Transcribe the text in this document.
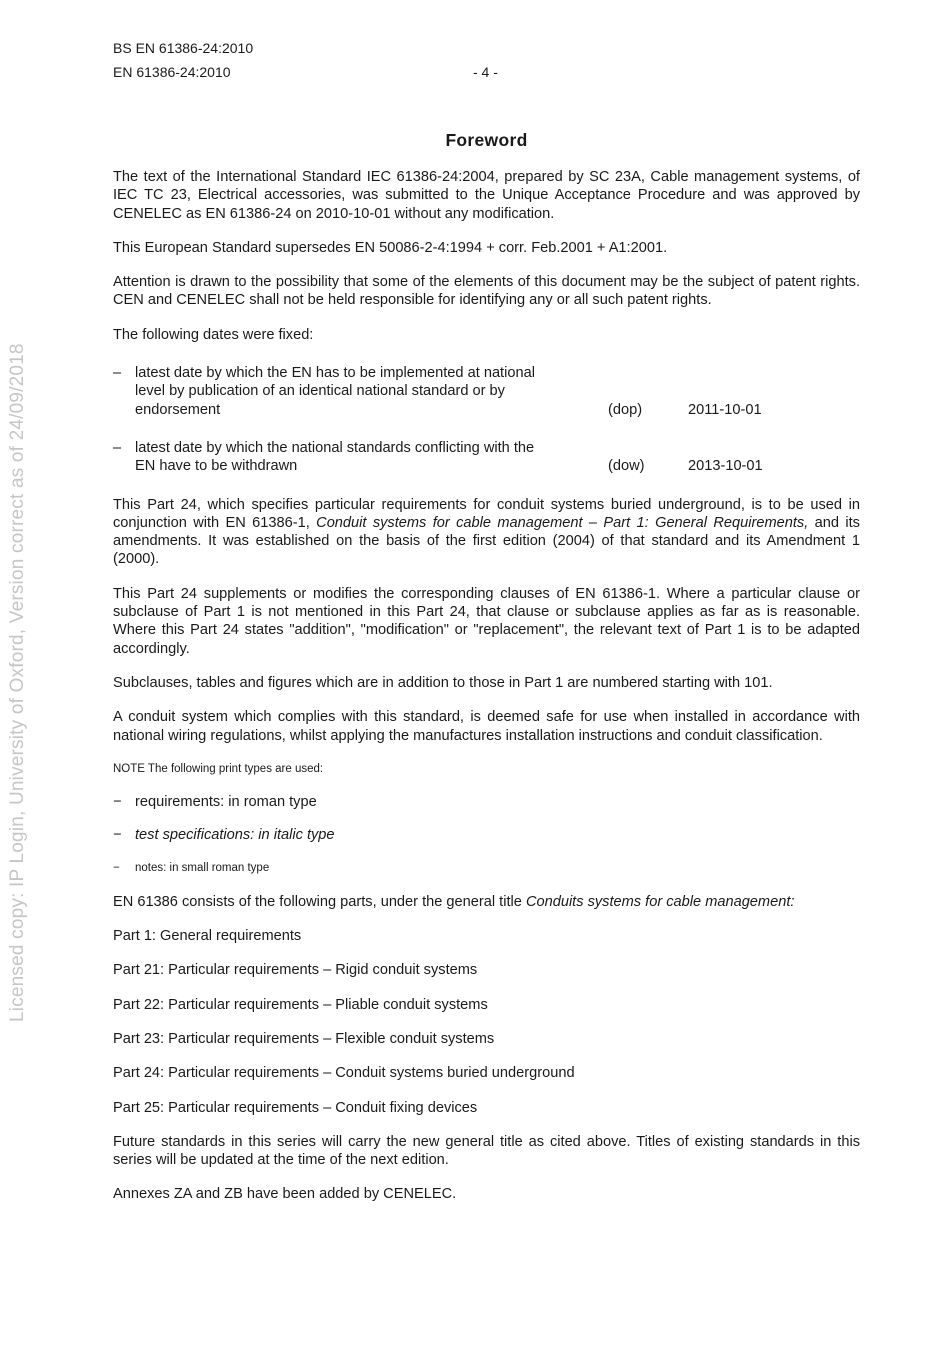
Licensed copy: IP Login, University of Oxford, Version correct as of 24/09/2018
BS EN 61386-24:2010
EN 61386-24:2010	- 4 -
Foreword

The text of the International Standard IEC 61386-24:2004, prepared by SC 23A, Cable management systems, of IEC TC 23, Electrical accessories, was submitted to the Unique Acceptance Procedure and was approved by CENELEC as EN 61386-24 on 2010-10-01 without any modification.

This European Standard supersedes EN 50086-2-4:1994 + corr. Feb.2001 + A1:2001.

Attention is drawn to the possibility that some of the elements of this document may be the subject of patent rights. CEN and CENELEC shall not be held responsible for identifying any or all such patent rights.

The following dates were fixed:

– latest date by which the EN has to be implemented at national level by publication of an identical national standard or by endorsement	(dop)	2011-10-01
– latest date by which the national standards conflicting with the EN have to be withdrawn	(dow)	2013-10-01

This Part 24, which specifies particular requirements for conduit systems buried underground, is to be used in conjunction with EN 61386-1, Conduit systems for cable management – Part 1: General Requirements, and its amendments. It was established on the basis of the first edition (2004) of that standard and its Amendment 1 (2000).

This Part 24 supplements or modifies the corresponding clauses of EN 61386-1. Where a particular clause or subclause of Part 1 is not mentioned in this Part 24, that clause or subclause applies as far as is reasonable. Where this Part 24 states "addition", "modification" or "replacement", the relevant text of Part 1 is to be adapted accordingly.

Subclauses, tables and figures which are in addition to those in Part 1 are numbered starting with 101.

A conduit system which complies with this standard, is deemed safe for use when installed in accordance with national wiring regulations, whilst applying the manufactures installation instructions and conduit classification.

NOTE The following print types are used:
− requirements: in roman type
− test specifications: in italic type
− notes: in small roman type

EN 61386 consists of the following parts, under the general title Conduits systems for cable management:

Part 1: General requirements

Part 21: Particular requirements – Rigid conduit systems

Part 22: Particular requirements – Pliable conduit systems

Part 23: Particular requirements – Flexible conduit systems

Part 24: Particular requirements – Conduit systems buried underground

Part 25: Particular requirements – Conduit fixing devices

Future standards in this series will carry the new general title as cited above. Titles of existing standards in this series will be updated at the time of the next edition.

Annexes ZA and ZB have been added by CENELEC.
